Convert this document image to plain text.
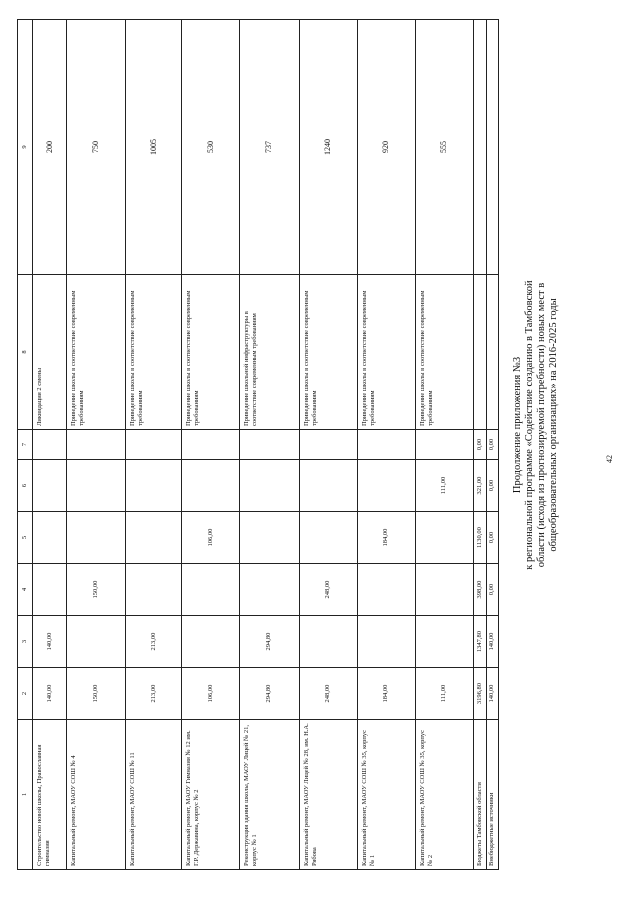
42
Продолжение приложения №3 к региональной программе «Содействие созданию в Тамбовской области (исходя из прогнозируемой потребности) новых мест в общеобразовательных организациях» на 2016-2025 годы
1	2	3	4	5	6	7	8	9
Строительство новой школы, Православная гимназия	140,00	140,00					Ликвидация 2 смены	200
Капитальный ремонт, МАОУ СОШ № 4	150,00		150,00				Приведение школы в соответствие современным требованиям	750
Капитальный ремонт, МАОУ СОШ № 11	213,00	213,00					Приведение школы в соответствие современным требованиям	1005
Капитальный ремонт, МАОУ Гимназия № 12 им. Г.Р. Державина, корпус № 2	106,00			106,00			Приведение школы в соответствие современным требованиям	530
Реконструкция здания школы, МАОУ Лицей № 21, корпус № 1	294,80	294,80					Приведение школьной инфраструктуры в соответствие современным требованиям	737
Капитальный ремонт, МАОУ Лицей № 28, им. Н.А. Рябова	248,00		248,00				Приведение школы в соответствие современным требованиям	1240
Капитальный ремонт, МАОУ СОШ № 35, корпус № 1	184,00			184,00			Приведение школы в соответствие современным требованиям	920
Капитальный ремонт, МАОУ СОШ № 35, корпус № 2	111,00				111,00		Приведение школы в соответствие современным требованиям	555
Бюджеты Тамбовской области	3196,80	1347,80	398,00	1130,00	321,00	0,00		
Внебюджетные источники	140,00	140,00	0,00	0,00	0,00	0,00		
